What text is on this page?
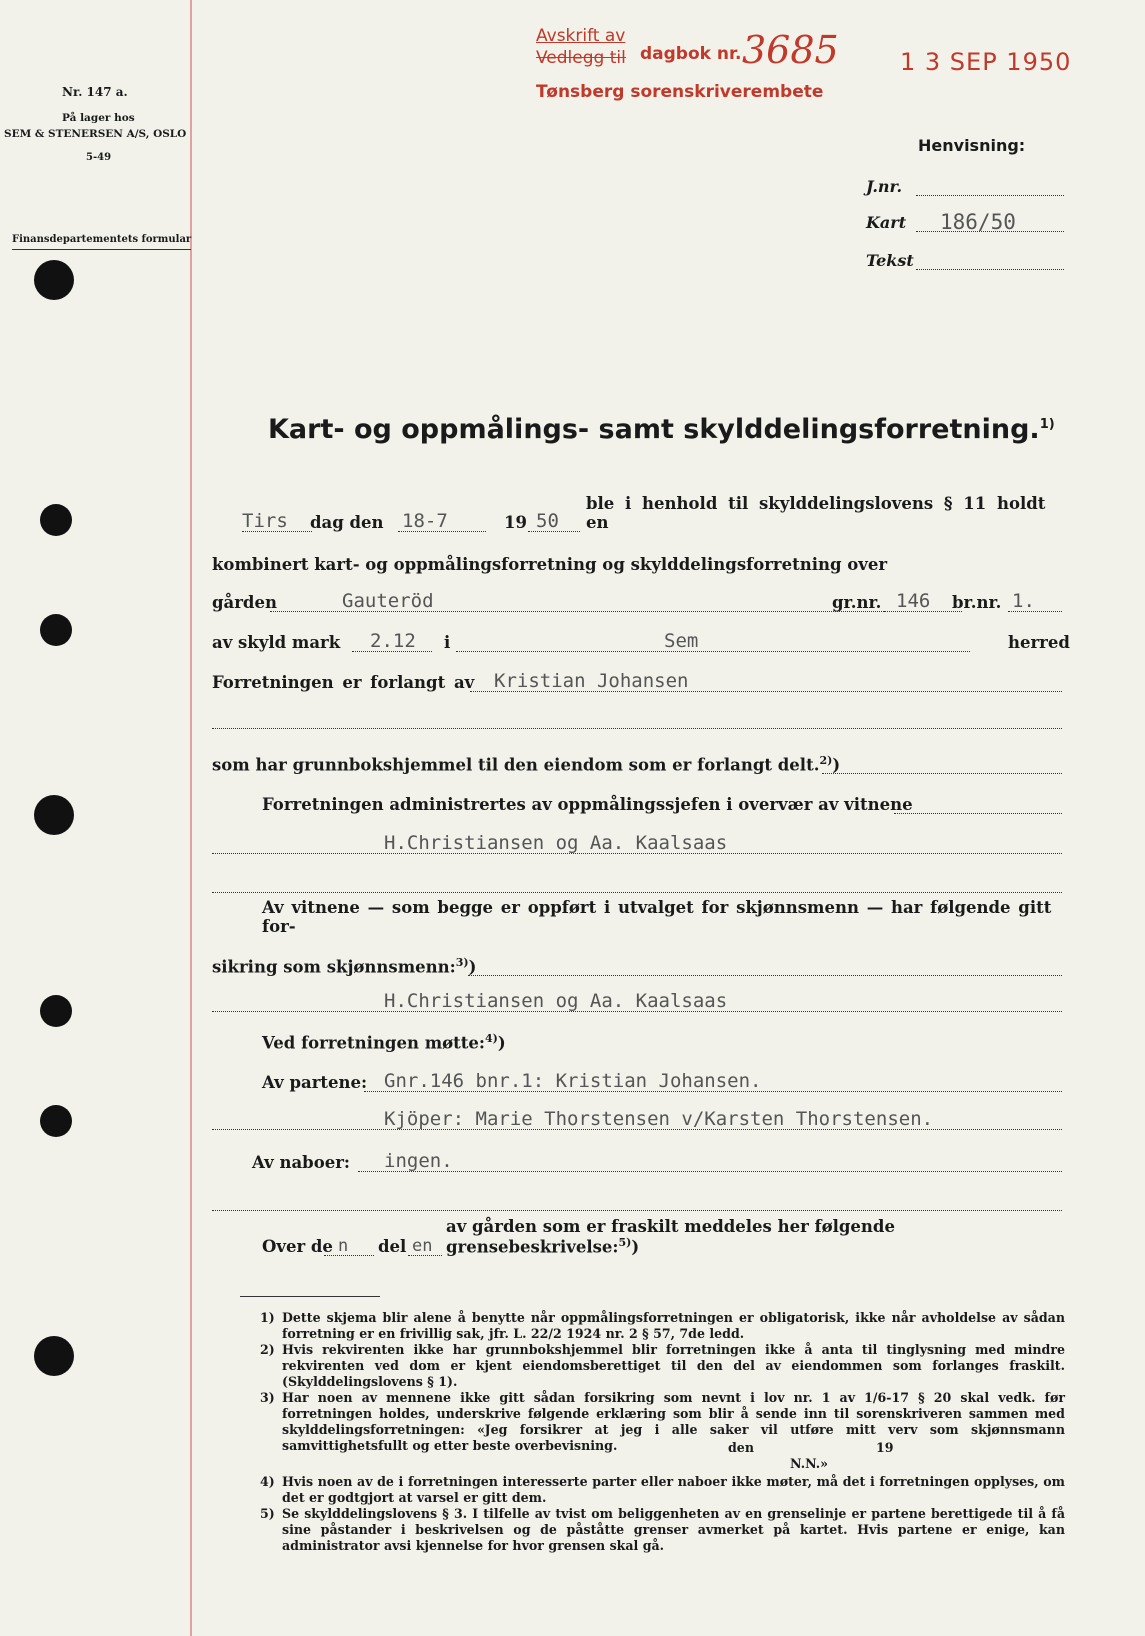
Nr. 147 a.
På lager hos
SEM & STENERSEN A/S, OSLO
5-49
Finansdepartementets formular
Avskrift av
Vedlegg til dagbok nr. 3685
Tønsberg sorenskriverembete
1 3 SEP 1950
Henvisning:
J.nr.
Kart 186/50
Tekst
Kart- og oppmålings- samt skylddelingsforretning.$^{1)}$
Tirs dag den 18-7	19 50
ble i henhold til skylddelingslovens § 11 holdt en
kombinert kart- og oppmålingsforretning og skylddelingsforretning over
gården	Gauteröd	gr.nr. 146 br.nr. 1.
av skyld mark 2.12 i	Sem	herred
Forretningen er forlangt av Kristian Johansen
som har grunnbokshjemmel til den eiendom som er forlangt delt.$^{2)}$)
Forretningen administrertes av oppmålingssjefen i overvær av vitnene
H.Christiansen og Aa. Kaalsaas
Av vitnene — som begge er oppført i utvalget for skjønnsmenn — har følgende gitt for-
sikring som skjønnsmenn:$^{3)}$)
H.Christiansen og Aa. Kaalsaas
Ved forretningen møtte:$^{4)}$)
Av partene: Gnr.146 bnr.1: Kristian Johansen.
Kjöper: Marie Thorstensen v/Karsten Thorstensen.
Av naboer: ingen.
Over de n del en
av gården som er fraskilt meddeles her følgende grensebeskrivelse:$^{5)}$)
1) Dette skjema blir alene å benytte når oppmålingsforretningen er obligatorisk, ikke når avholdelse av sådan forretning er en frivillig sak, jfr. L. 22/2 1924 nr. 2 § 57, 7de ledd.
2) Hvis rekvirenten ikke har grunnbokshjemmel blir forretningen ikke å anta til tinglysning med mindre rekvirenten ved dom er kjent eiendomsberettiget til den del av eiendommen som forlanges fraskilt. (Skylddelingslovens § 1).
3) Har noen av mennene ikke gitt sådan forsikring som nevnt i lov nr. 1 av 1/6-17 § 20 skal vedk. før forretningen holdes, underskrive følgende erklæring som blir å sende inn til sorenskriveren sammen med skylddelingsforretningen: «Jeg forsikrer at jeg i alle saker vil utføre mitt verv som skjønnsmann samvittighetsfullt og etter beste overbevisning.	den	19
N.N.»
4) Hvis noen av de i forretningen interesserte parter eller naboer ikke møter, må det i forretningen opplyses, om det er godtgjort at varsel er gitt dem.
5) Se skylddelingslovens § 3. I tilfelle av tvist om beliggenheten av en grenselinje er partene berettigede til å få sine påstander i beskrivelsen og de påståtte grenser avmerket på kartet. Hvis partene er enige, kan administrator avsi kjennelse for hvor grensen skal gå.
